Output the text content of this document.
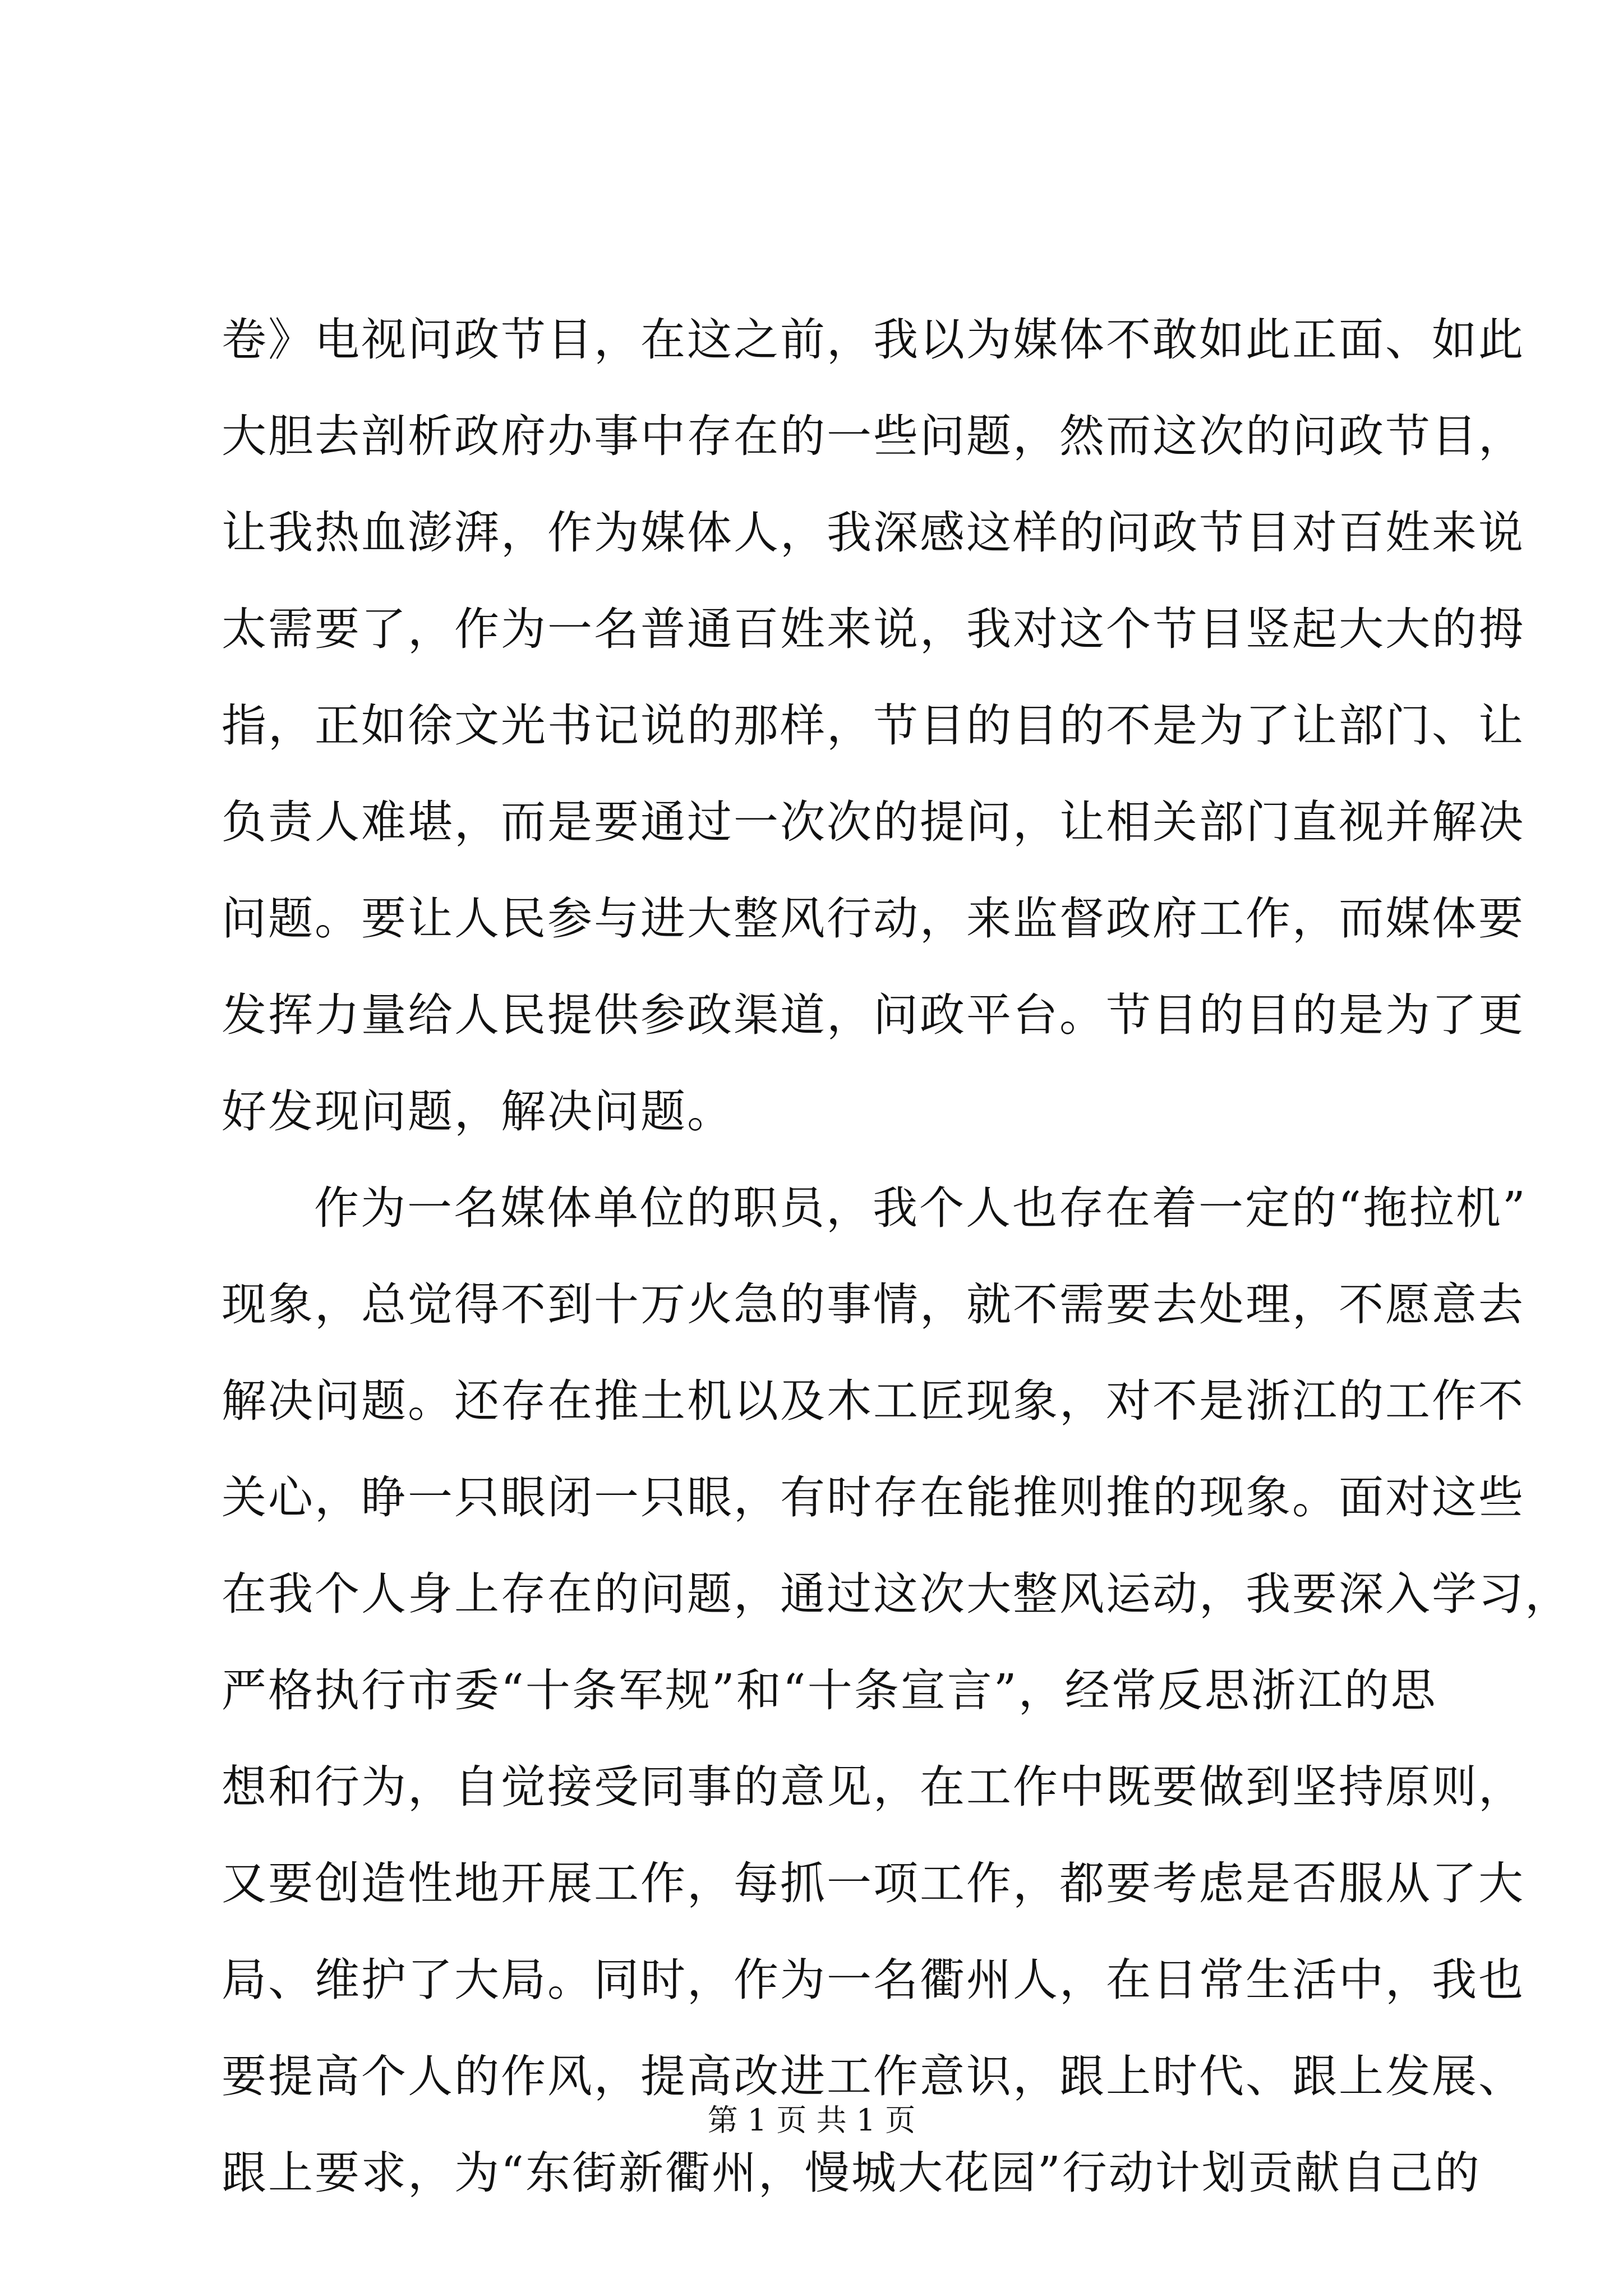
卷》电视问政节目，在这之前，我以为媒体不敢如此正面、如此
大胆去剖析政府办事中存在的一些问题，然而这次的问政节目，
让我热血澎湃，作为媒体人，我深感这样的问政节目对百姓来说
太需要了，作为一名普通百姓来说，我对这个节目竖起大大的拇
指，正如徐文光书记说的那样，节目的目的不是为了让部门、让
负责人难堪，而是要通过一次次的提问，让相关部门直视并解决
问题。要让人民参与进大整风行动，来监督政府工作，而媒体要
发挥力量给人民提供参政渠道，问政平台。节目的目的是为了更
好发现问题，解决问题。
作为一名媒体单位的职员，我个人也存在着一定的“拖拉机”
现象，总觉得不到十万火急的事情，就不需要去处理，不愿意去
解决问题。还存在推土机以及木工匠现象，对不是浙江的工作不
关心，睁一只眼闭一只眼，有时存在能推则推的现象。面对这些
在我个人身上存在的问题，通过这次大整风运动，我要深入学习，
严格执行市委“十条军规”和“十条宣言”，经常反思浙江的思
想和行为，自觉接受同事的意见，在工作中既要做到坚持原则，
又要创造性地开展工作，每抓一项工作，都要考虑是否服从了大
局、维护了大局。同时，作为一名衢州人，在日常生活中，我也
要提高个人的作风，提高改进工作意识，跟上时代、跟上发展、
跟上要求，为“东街新衢州，慢城大花园”行动计划贡献自己的
第 1 页 共 1 页
